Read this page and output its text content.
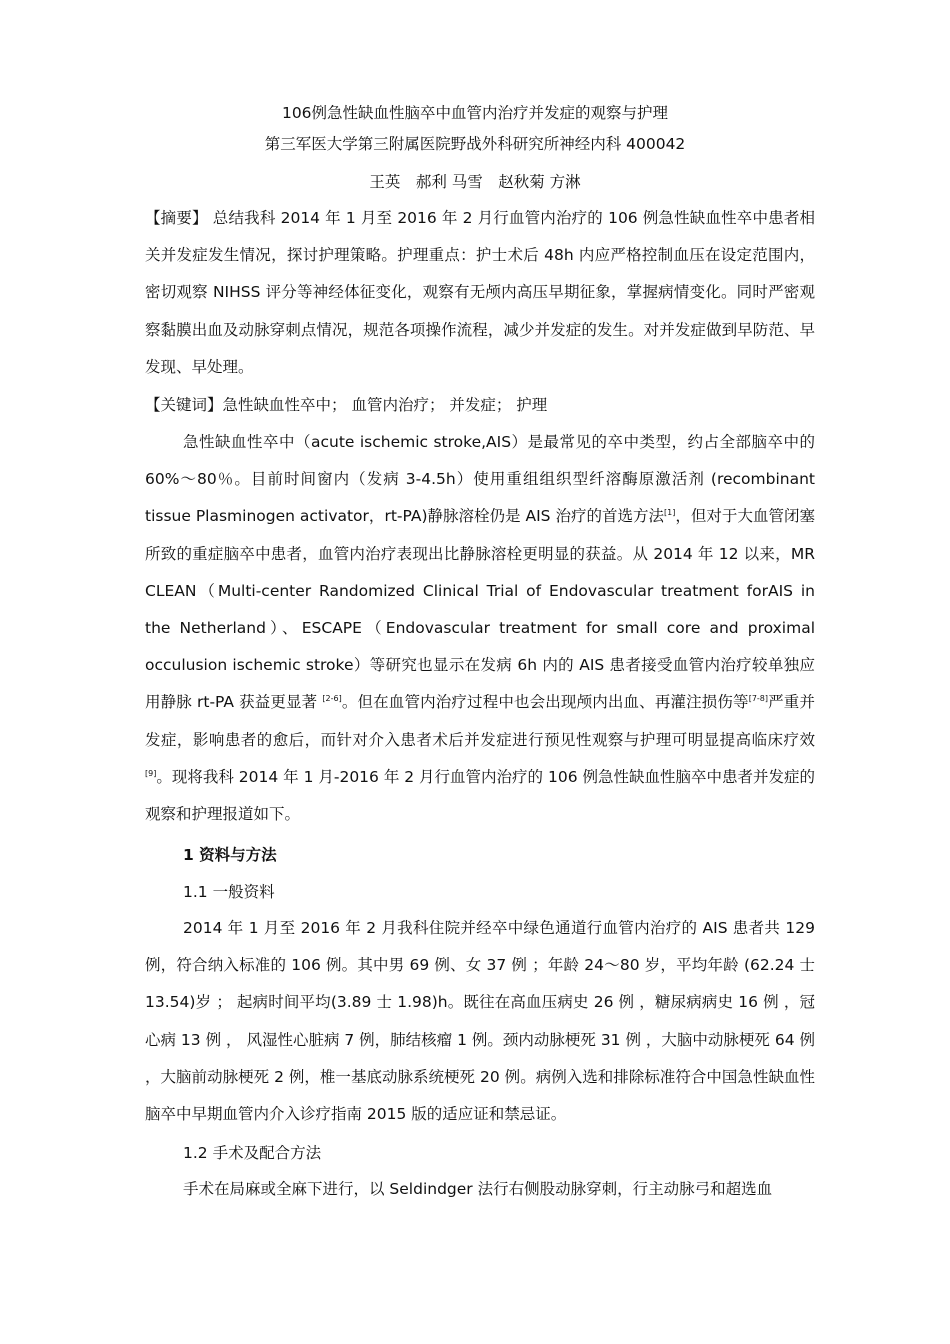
106例急性缺血性脑卒中血管内治疗并发症的观察与护理
第三军医大学第三附属医院野战外科研究所神经内科 400042
王英　郝利 马雪　赵秋菊 方淋

【摘要】 总结我科 2014 年 1 月至 2016 年 2 月行血管内治疗的 106 例急性缺血性卒中患者相关并发症发生情况，探讨护理策略。护理重点：护士术后 48h 内应严格控制血压在设定范围内，密切观察 NIHSS 评分等神经体征变化，观察有无颅内高压早期征象，掌握病情变化。同时严密观察黏膜出血及动脉穿刺点情况，规范各项操作流程，减少并发症的发生。对并发症做到早防范、早发现、早处理。

【关键词】急性缺血性卒中； 血管内治疗； 并发症； 护理

急性缺血性卒中（acute ischemic stroke,AIS）是最常见的卒中类型，约占全部脑卒中的 60%～80％。目前时间窗内（发病 3-4.5h）使用重组组织型纤溶酶原激活剂 (recombinant tissue Plasminogen activator，rt-PA)静脉溶栓仍是 AIS 治疗的首选方法[1]，但对于大血管闭塞所致的重症脑卒中患者，血管内治疗表现出比静脉溶栓更明显的获益。从 2014 年 12 以来，MR CLEAN（Multi-center Randomized Clinical Trial of Endovascular treatment forAIS in the Netherland）、ESCAPE（Endovascular treatment for small core and proximal occulusion ischemic stroke）等研究也显示在发病 6h 内的 AIS 患者接受血管内治疗较单独应用静脉 rt-PA 获益更显著 [2-6]。但在血管内治疗过程中也会出现颅内出血、再灌注损伤等[7-8]严重并发症，影响患者的愈后，而针对介入患者术后并发症进行预见性观察与护理可明显提高临床疗效[9]。现将我科 2014 年 1 月-2016 年 2 月行血管内治疗的 106 例急性缺血性脑卒中患者并发症的观察和护理报道如下。

1 资料与方法
1.1 一般资料

2014 年 1 月至 2016 年 2 月我科住院并经卒中绿色通道行血管内治疗的 AIS 患者共 129 例，符合纳入标准的 106 例。其中男 69 例、女 37 例 ；年龄 24～80 岁，平均年龄 (62.24 士 13.54)岁 ； 起病时间平均(3.89 士 1.98)h。既往在高血压病史 26 例 ，糖尿病病史 16 例 ，冠心病 13 例 ， 风湿性心脏病 7 例，肺结核瘤 1 例。颈内动脉梗死 31 例 ，大脑中动脉梗死 64 例 ，大脑前动脉梗死 2 例，椎一基底动脉系统梗死 20 例。病例入选和排除标准符合中国急性缺血性脑卒中早期血管内介入诊疗指南 2015 版的适应证和禁忌证。

1.2 手术及配合方法

手术在局麻或全麻下进行，以 Seldindger 法行右侧股动脉穿刺，行主动脉弓和超选血
